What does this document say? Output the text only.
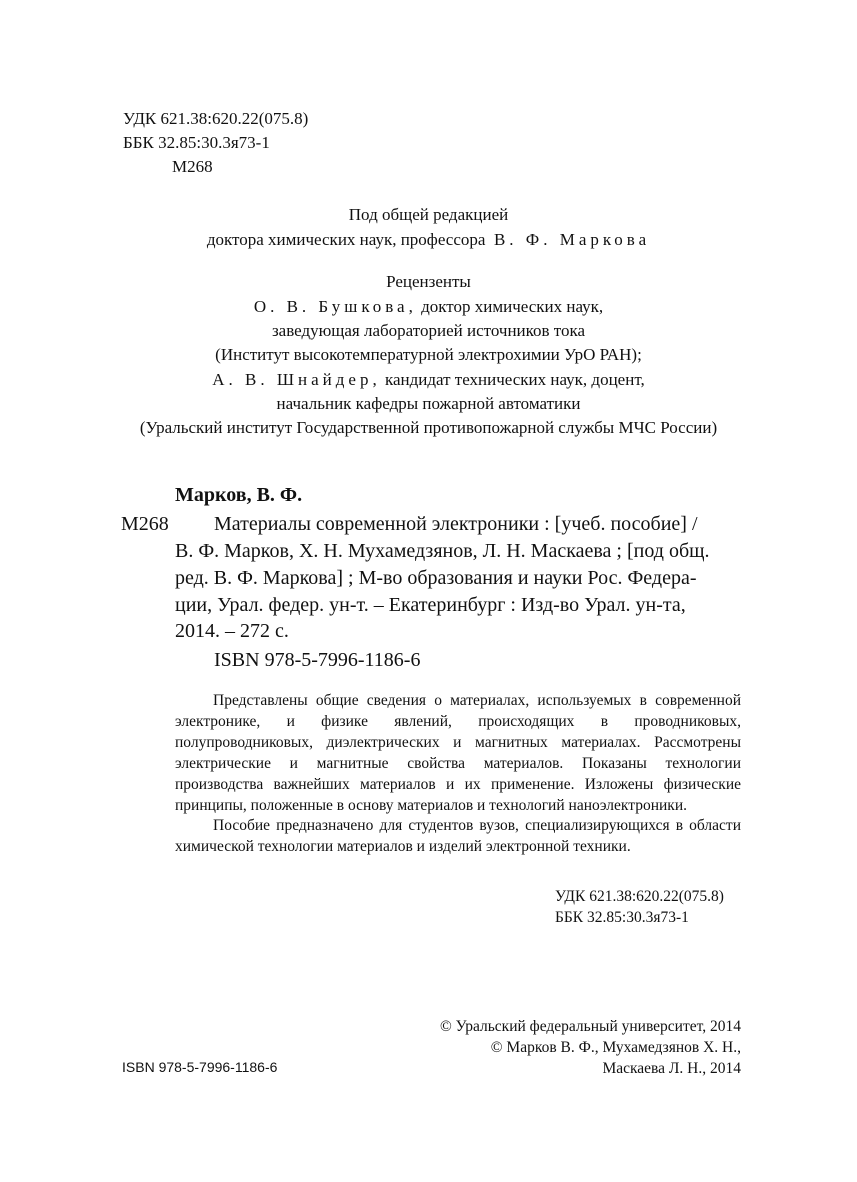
УДК 621.38:620.22(075.8)
ББК 32.85:30.3я73-1
М268
Под общей редакцией
доктора химических наук, профессора В. Ф. Маркова
Рецензенты
О. В. Бушкова, доктор химических наук,
заведующая лабораторией источников тока
(Институт высокотемпературной электрохимии УрО РАН);
А. В. Шнайдер, кандидат технических наук, доцент,
начальник кафедры пожарной автоматики
(Уральский институт Государственной противопожарной службы МЧС России)
Марков, В. Ф.
М268 Материалы современной электроники : [учеб. пособие] /
В. Ф. Марков, Х. Н. Мухамедзянов, Л. Н. Маскаева ; [под общ.
ред. В. Ф. Маркова] ; М-во образования и науки Рос. Федера-
ции, Урал. федер. ун-т. – Екатеринбург : Изд-во Урал. ун-та,
2014. – 272 с.
ISBN 978-5-7996-1186-6
Представлены общие сведения о материалах, используемых в современной электронике, и физике явлений, происходящих в проводниковых, полупроводниковых, диэлектрических и магнитных материалах. Рассмотрены электрические и магнитные свойства материалов. Показаны технологии производства важнейших материалов и их применение. Изложены физические принципы, положенные в основу материалов и технологий наноэлектроники.
Пособие предназначено для студентов вузов, специализирующихся в области химической технологии материалов и изделий электронной техники.
УДК 621.38:620.22(075.8)
ББК 32.85:30.3я73-1
© Уральский федеральный университет, 2014
© Марков В. Ф., Мухамедзянов Х. Н.,
Маскаева Л. Н., 2014
ISBN 978-5-7996-1186-6
